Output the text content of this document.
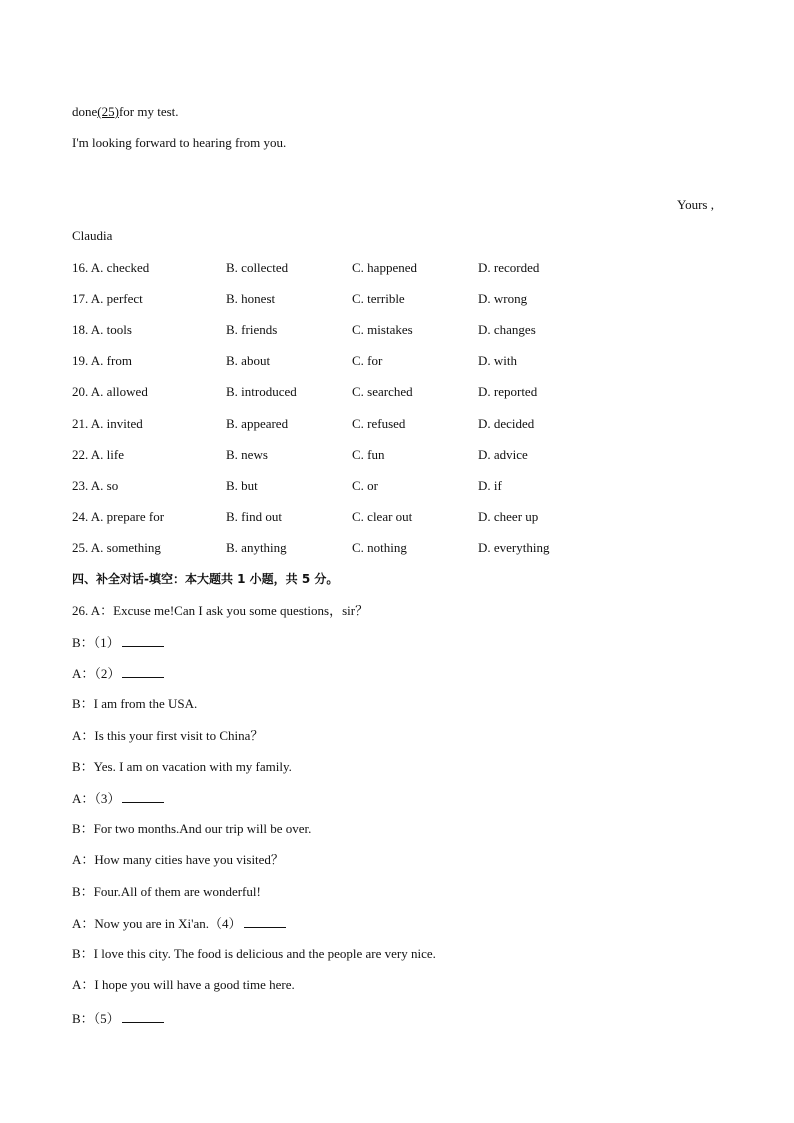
done(25)for my test.
I'm looking forward to hearing from you.
Yours ,
Claudia
16. A. checked	B. collected	C. happened	D. recorded
17. A. perfect	B. honest	C. terrible	D. wrong
18. A. tools	B. friends	C. mistakes	D. changes
19. A. from	B. about	C. for	D. with
20. A. allowed	B. introduced	C. searched	D. reported
21. A. invited	B. appeared	C. refused	D. decided
22. A. life	B. news	C. fun	D. advice
23. A. so	B. but	C. or	D. if
24. A. prepare for	B. find out	C. clear out	D. cheer up
25. A. something	B. anything	C. nothing	D. everything
四、补全对话-填空：本大题共 1 小题，共 5 分。
26. A：Excuse me!Can I ask you some questions，sir？
B：（1）
A：（2）
B：I am from the USA.
A：Is this your first visit to China？
B：Yes. I am on vacation with my family.
A：（3）
B：For two months.And our trip will be over.
A：How many cities have you visited？
B：Four.All of them are wonderful!
A：Now you are in Xi'an.（4）
B：I love this city. The food is delicious and the people are very nice.
A：I hope you will have a good time here.
B：（5）
